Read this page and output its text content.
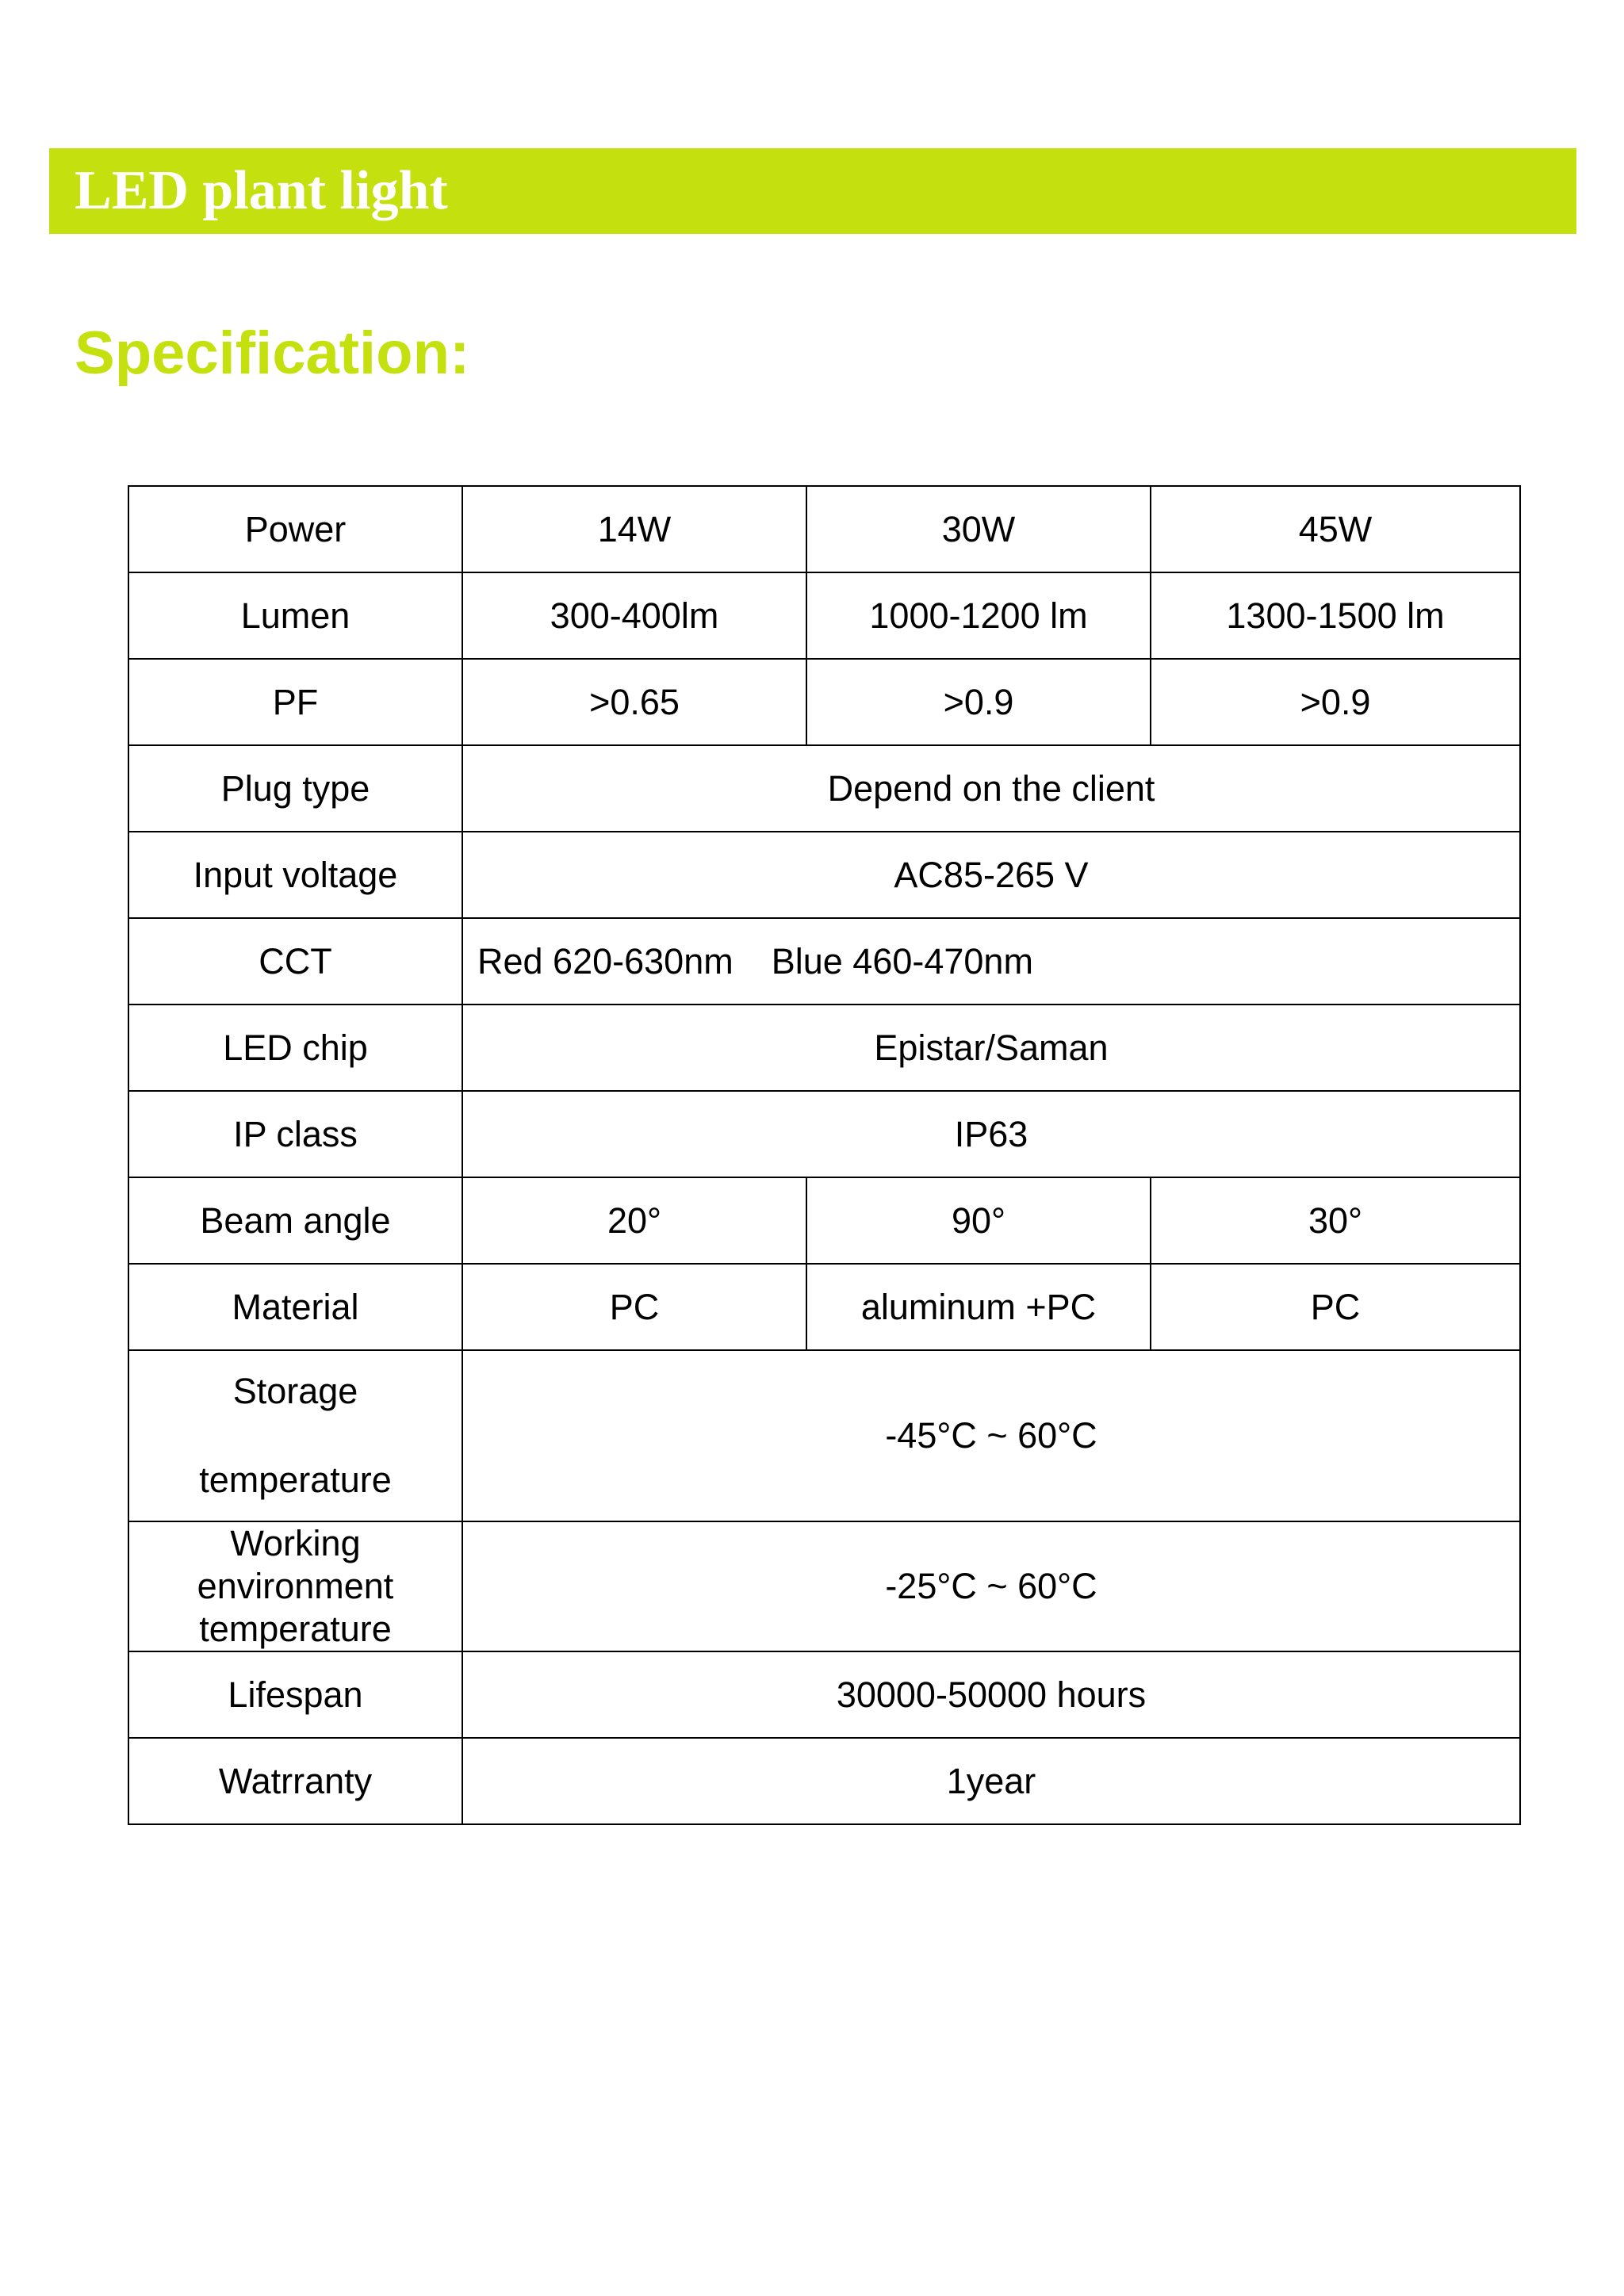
LED plant light
Specification:
Power	14W	30W	45W
Lumen	300-400lm	1000-1200 lm	1300-1500 lm
PF	>0.65	>0.9	>0.9
Plug type	Depend on the client		
Input voltage	AC85-265 V		
CCT	Red 620-630nm Blue 460-470nm		
LED chip	Epistar/Saman		
IP class	IP63		
Beam angle	20°	90°	30°
Material	PC	aluminum +PC	PC

Storage
temperature	-45°C ~ 60°C		

Working
environment
temperature	-25°C ~ 60°C		
Lifespan	30000-50000 hours		
Watrranty	1year		
